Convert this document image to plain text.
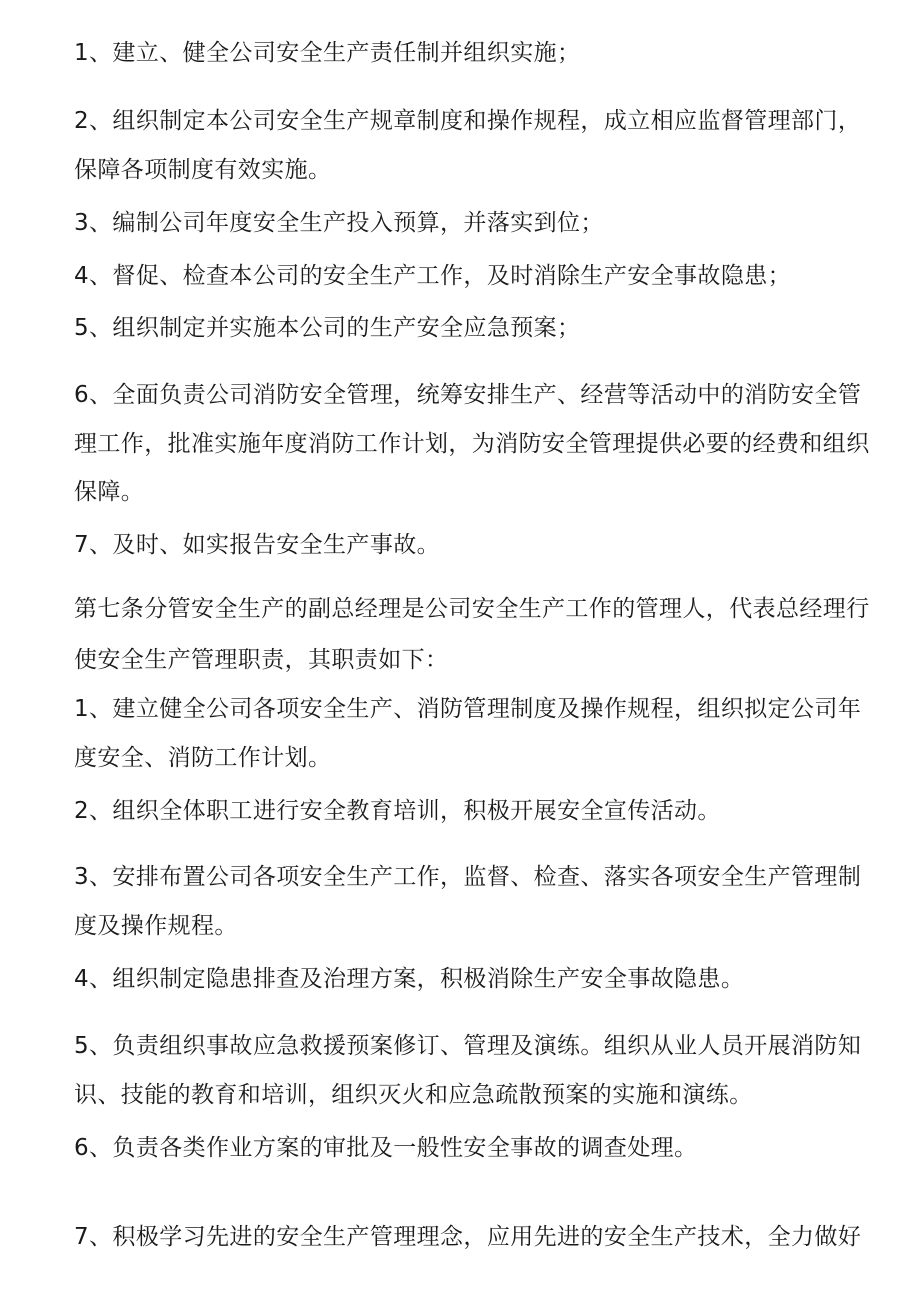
1、建立、健全公司安全生产责任制并组织实施；
2、组织制定本公司安全生产规章制度和操作规程，成立相应监督管理部门，
保障各项制度有效实施。
3、编制公司年度安全生产投入预算，并落实到位；
4、督促、检查本公司的安全生产工作，及时消除生产安全事故隐患；
5、组织制定并实施本公司的生产安全应急预案；
6、全面负责公司消防安全管理，统筹安排生产、经营等活动中的消防安全管
理工作，批准实施年度消防工作计划，为消防安全管理提供必要的经费和组织
保障。
7、及时、如实报告安全生产事故。
第七条分管安全生产的副总经理是公司安全生产工作的管理人，代表总经理行
使安全生产管理职责，其职责如下：
1、建立健全公司各项安全生产、消防管理制度及操作规程，组织拟定公司年
度安全、消防工作计划。
2、组织全体职工进行安全教育培训，积极开展安全宣传活动。
3、安排布置公司各项安全生产工作，监督、检查、落实各项安全生产管理制
度及操作规程。
4、组织制定隐患排查及治理方案，积极消除生产安全事故隐患。
5、负责组织事故应急救援预案修订、管理及演练。组织从业人员开展消防知
识、技能的教育和培训，组织灭火和应急疏散预案的实施和演练。
6、负责各类作业方案的审批及一般性安全事故的调查处理。
7、积极学习先进的安全生产管理理念，应用先进的安全生产技术，全力做好
